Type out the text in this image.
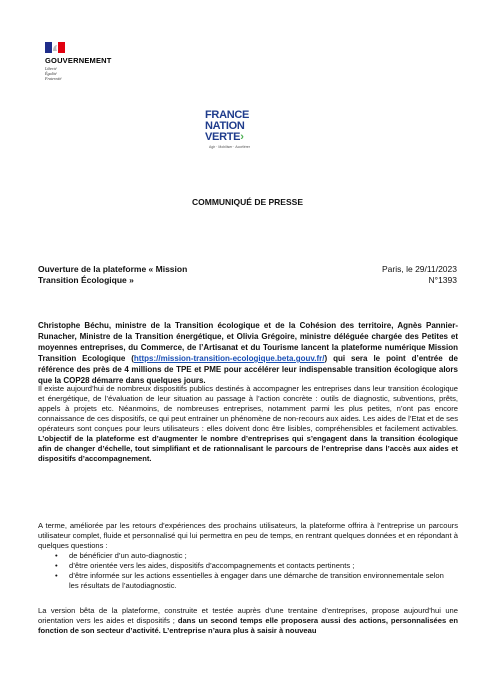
GOUVERNEMENT
Liberté
Égalité
Fraternité
FRANCE
NATION
VERTE›
Agir · Mobiliser · Accélérer
COMMUNIQUÉ DE PRESSE
Ouverture de la plateforme « Mission
Transition Écologique »
Paris, le 29/11/2023
N°1393
Christophe Béchu, ministre de la Transition écologique et de la Cohésion des territoire, Agnès Pannier-Runacher, Ministre de la Transition énergétique, et Olivia Grégoire, ministre déléguée chargée des Petites et moyennes entreprises, du Commerce, de l’Artisanat et du Tourisme lancent la plateforme numérique Mission Transition Ecologique (https://mission-transition-ecologique.beta.gouv.fr/) qui sera le point d’entrée de référence des près de 4 millions de TPE et PME pour accélérer leur indispensable transition écologique alors que la COP28 démarre dans quelques jours.
Il existe aujourd’hui de nombreux dispositifs publics destinés à accompagner les entreprises dans leur transition écologique et énergétique, de l’évaluation de leur situation au passage à l’action concrète : outils de diagnostic, subventions, prêts, appels à projets etc. Néanmoins, de nombreuses entreprises, notamment parmi les plus petites, n’ont pas encore connaissance de ces dispositifs, ce qui peut entrainer un phénomène de non-recours aux aides. Les aides de l’Etat et de ses opérateurs sont conçues pour leurs utilisateurs : elles doivent donc être lisibles, compréhensibles et facilement activables. L’objectif de la plateforme est d’augmenter le nombre d’entreprises qui s’engagent dans la transition écologique afin de changer d’échelle, tout simplifiant et de rationnalisant le parcours de l’entreprise dans l’accès aux aides et dispositifs d’accompagnement.
A terme, améliorée par les retours d’expériences des prochains utilisateurs, la plateforme offrira à l’entreprise un parcours utilisateur complet, fluide et personnalisé qui lui permettra en peu de temps, en rentrant quelques données et en répondant à quelques questions :
• de bénéficier d’un auto-diagnostic ;
• d’être orientée vers les aides, dispositifs d’accompagnements et contacts pertinents ;
• d’être informée sur les actions essentielles à engager dans une démarche de transition environnementale selon les résultats de l’autodiagnostic.
La version bêta de la plateforme, construite et testée auprès d’une trentaine d’entreprises, propose aujourd’hui une orientation vers les aides et dispositifs ; dans un second temps elle proposera aussi des actions, personnalisées en fonction de son secteur d’activité. L’entreprise n’aura plus à saisir à nouveau
